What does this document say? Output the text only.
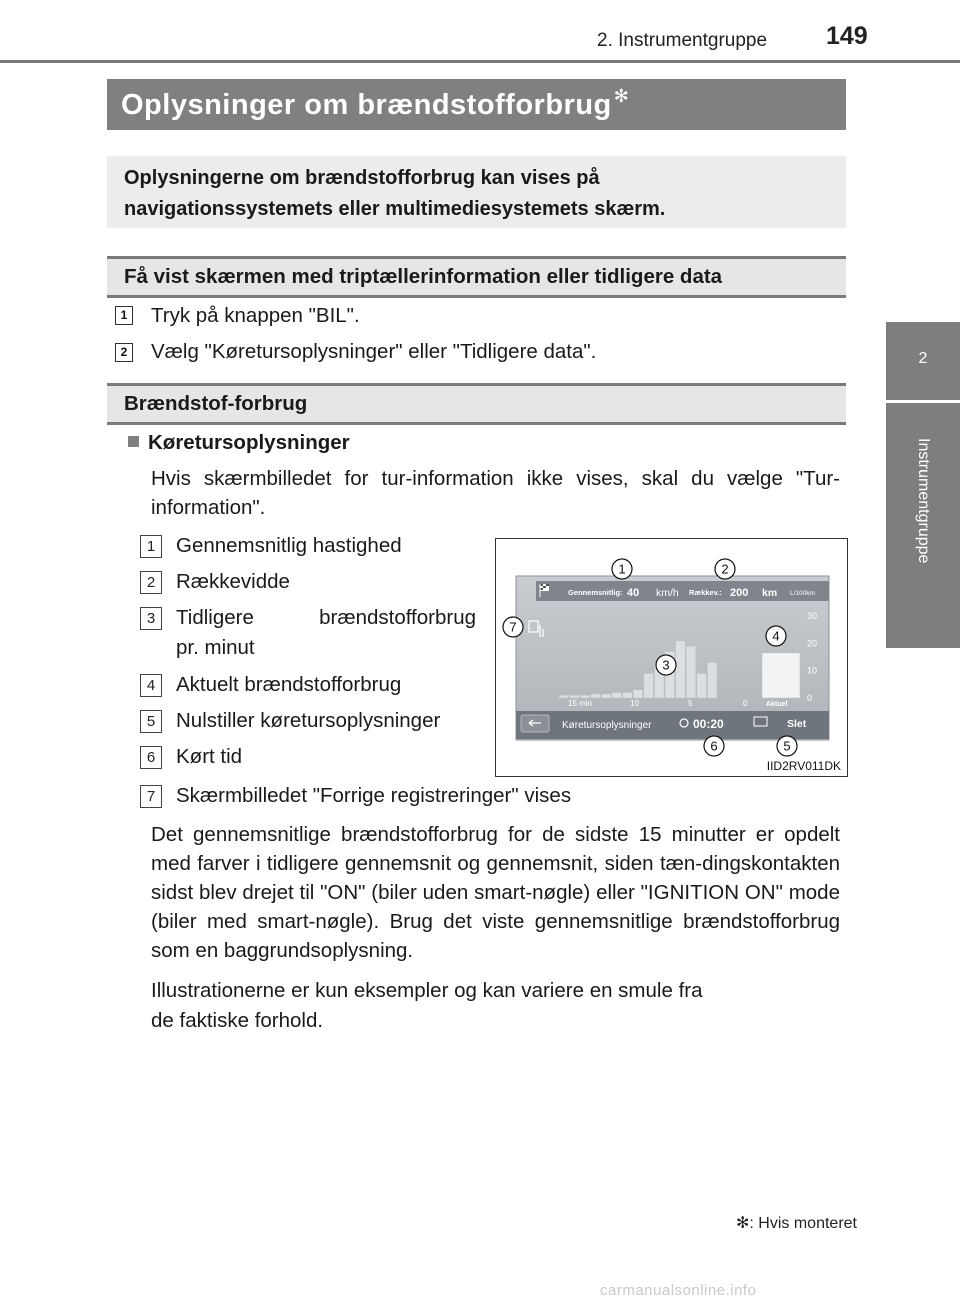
2. Instrumentgruppe 149
2
Instrumentgruppe
Oplysninger om brændstofforbrug ✻
Oplysningerne om brændstofforbrug kan vises på
navigationssystemets eller multimediesystemets skærm.
Få vist skærmen med triptællerinformation eller tidligere data
1 Tryk på knappen "BIL".
2 Vælg "Køretursoplysninger" eller "Tidligere data".
Brændstof-forbrug
Køretursoplysninger
Hvis skærmbilledet for tur-information ikke vises, skal du vælge "Tur-information".
1	Gennemsnitlig hastighed
2	Rækkevidde
3	Tidligere brændstofforbrug
pr. minut
4	Aktuelt brændstofforbrug
5	Nulstiller køretursoplysninger
6	Kørt tid
7	Skærmbilledet "Forrige registreringer" vises
Gennemsnitlig: 40 km/h Rækkev.: 200 km L/100km
30
20
10
0
15 min	10	5	0	Aktuel
Køretursoplysninger	00:20	Slet
1	2
3
4
5
6
7
IID2RV011DK
Det gennemsnitlige brændstofforbrug for de sidste 15 minutter er opdelt med farver i tidligere gennemsnit og gennemsnit, siden tæn-dingskontakten sidst blev drejet til "ON" (biler uden smart-nøgle) eller "IGNITION ON" mode (biler med smart-nøgle). Brug det viste gennemsnitlige brændstofforbrug som en baggrundsoplysning.
Illustrationerne er kun eksempler og kan variere en smule fra
de faktiske forhold.
✻: Hvis monteret
carmanualsonline.info
